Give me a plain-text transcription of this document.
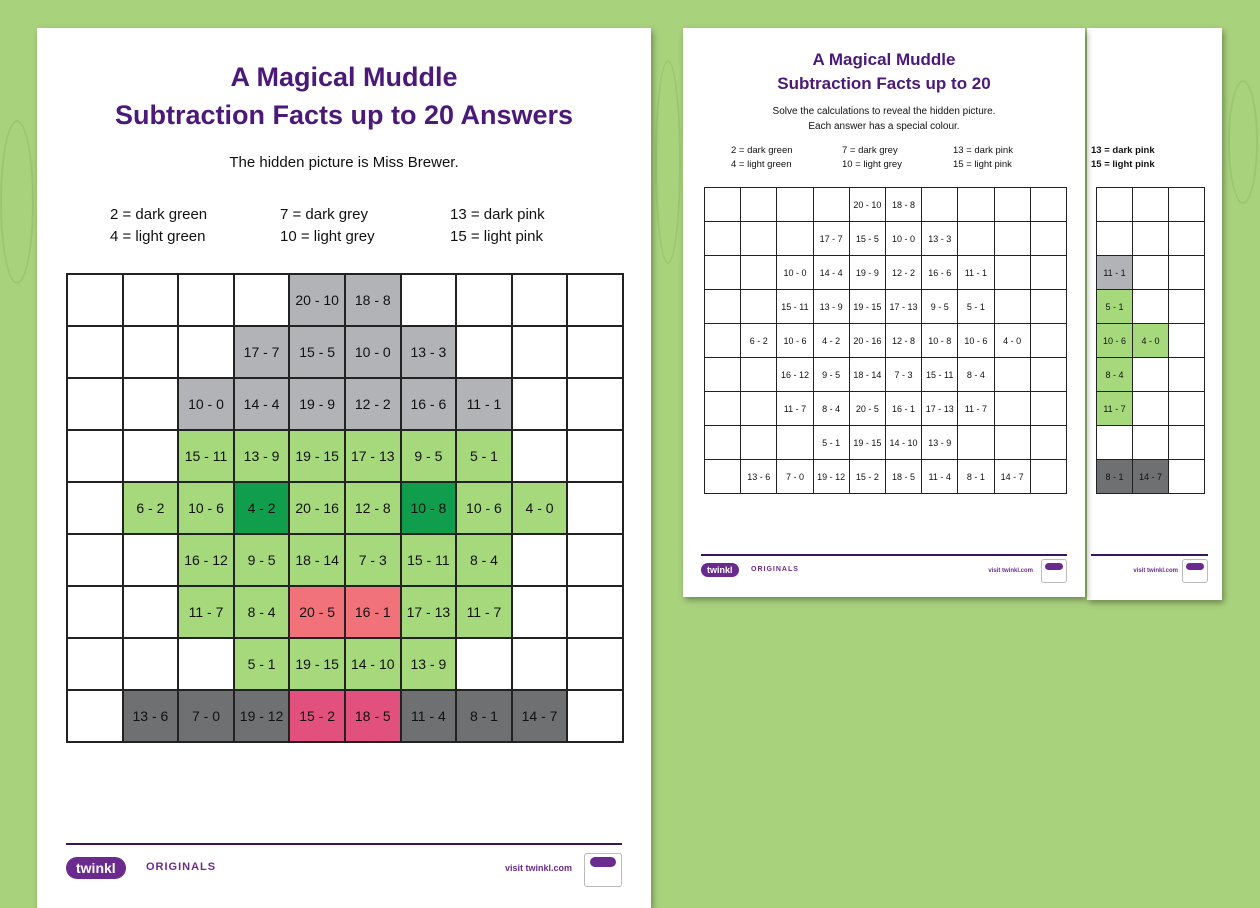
A Magical Muddle
Subtraction Facts up to 20 Answers
The hidden picture is Miss Brewer.
2 = dark green
4 = light green
7 = dark grey
10 = light grey
13 = dark pink
15 = light pink
				20 - 10	18 - 8				
			17 - 7	15 - 5	10 - 0	13 - 3			
		10 - 0	14 - 4	19 - 9	12 - 2	16 - 6	11 - 1		
		15 - 11	13 - 9	19 - 15	17 - 13	9 - 5	5 - 1		
	6 - 2	10 - 6	4 - 2	20 - 16	12 - 8	10 - 8	10 - 6	4 - 0	
		16 - 12	9 - 5	18 - 14	7 - 3	15 - 11	8 - 4		
		11 - 7	8 - 4	20 - 5	16 - 1	17 - 13	11 - 7		
			5 - 1	19 - 15	14 - 10	13 - 9			
	13 - 6	7 - 0	19 - 12	15 - 2	18 - 5	11 - 4	8 - 1	14 - 7	
twinkl	ORIGINALS	visit twinkl.com
A Magical Muddle
Subtraction Facts up to 20
Solve the calculations to reveal the hidden picture.
Each answer has a special colour.
2 = dark green
4 = light green
7 = dark grey
10 = light grey
13 = dark pink
15 = light pink
				20 - 10	18 - 8				
			17 - 7	15 - 5	10 - 0	13 - 3			
		10 - 0	14 - 4	19 - 9	12 - 2	16 - 6	11 - 1		
		15 - 11	13 - 9	19 - 15	17 - 13	9 - 5	5 - 1		
	6 - 2	10 - 6	4 - 2	20 - 16	12 - 8	10 - 8	10 - 6	4 - 0	
		16 - 12	9 - 5	18 - 14	7 - 3	15 - 11	8 - 4		
		11 - 7	8 - 4	20 - 5	16 - 1	17 - 13	11 - 7		
			5 - 1	19 - 15	14 - 10	13 - 9			
	13 - 6	7 - 0	19 - 12	15 - 2	18 - 5	11 - 4	8 - 1	14 - 7	
twinkl	ORIGINALS	visit twinkl.com
13 = dark pink
15 = light pink

11 - 1		
5 - 1		
10 - 6	4 - 0	
8 - 4		
11 - 7		

8 - 1	14 - 7	
visit twinkl.com
